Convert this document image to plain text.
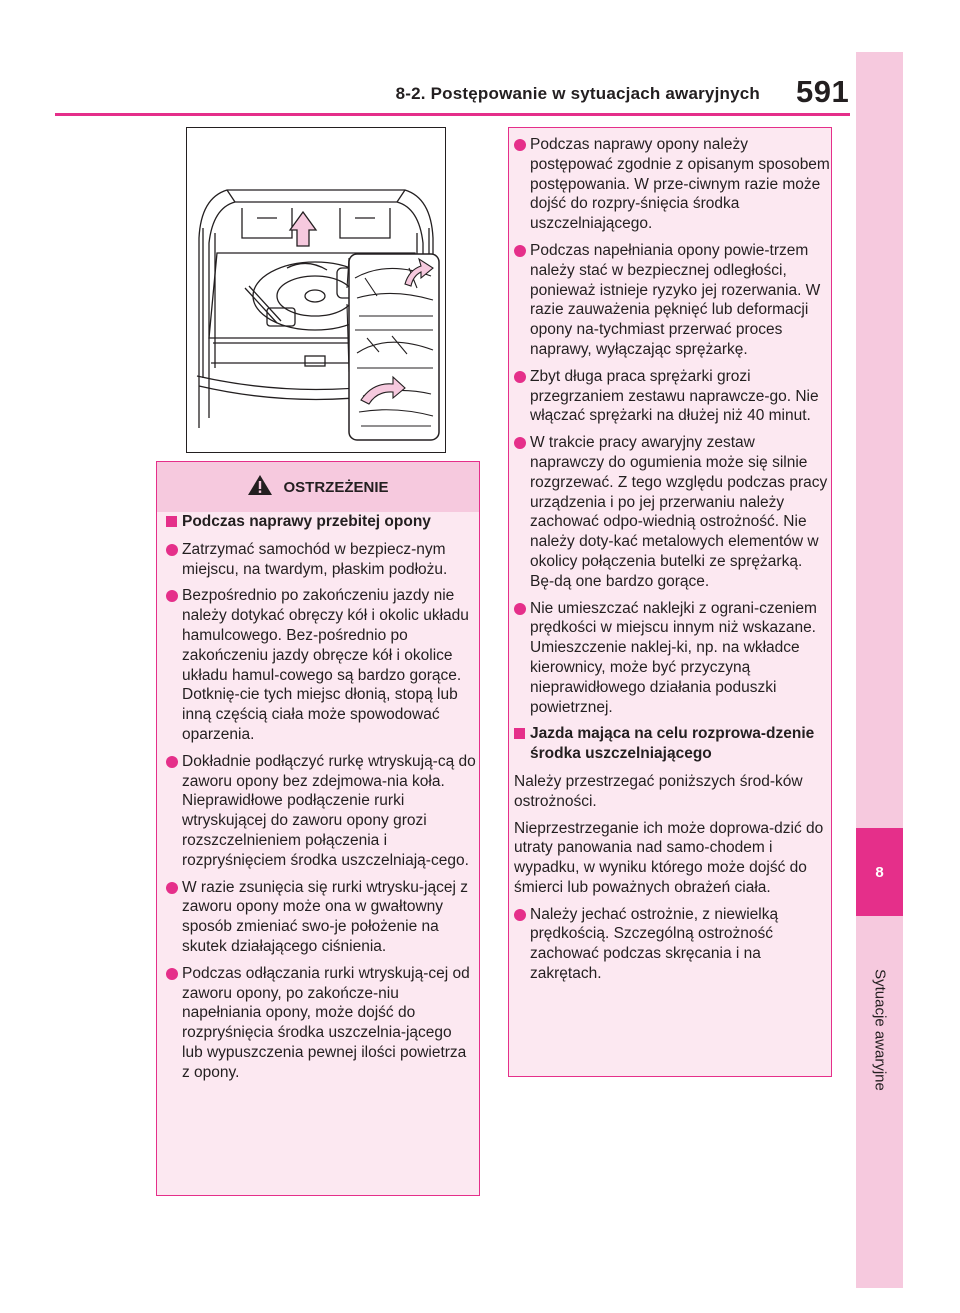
8-2. Postępowanie w sytuacjach awaryjnych 591
8
Sytuacje awaryjne
OSTRZEŻENIE
Podczas naprawy przebitej opony
Zatrzymać samochód w bezpiecz-nym miejscu, na twardym, płaskim podłożu.
Bezpośrednio po zakończeniu jazdy nie należy dotykać obręczy kół i okolic układu hamulcowego. Bez-pośrednio po zakończeniu jazdy obręcze kół i okolice układu hamul-cowego są bardzo gorące. Dotknię-cie tych miejsc dłonią, stopą lub inną częścią ciała może spowodować oparzenia.
Dokładnie podłączyć rurkę wtryskują-cą do zaworu opony bez zdejmowa-nia koła. Nieprawidłowe podłączenie rurki wtryskującej do zaworu opony grozi rozszczelnieniem połączenia i rozpryśnięciem środka uszczelniają-cego.
W razie zsunięcia się rurki wtrysku-jącej z zaworu opony może ona w gwałtowny sposób zmieniać swo-je położenie na skutek działającego ciśnienia.
Podczas odłączania rurki wtryskują-cej od zaworu opony, po zakończe-niu napełniania opony, może dojść do rozpryśnięcia środka uszczelnia-jącego lub wypuszczenia pewnej ilości powietrza z opony.
Podczas naprawy opony należy postępować zgodnie z opisanym sposobem postępowania. W prze-ciwnym razie może dojść do rozpry-śnięcia środka uszczelniającego.
Podczas napełniania opony powie-trzem należy stać w bezpiecznej odległości, ponieważ istnieje ryzyko jej rozerwania. W razie zauważenia pęknięć lub deformacji opony na-tychmiast przerwać proces naprawy, wyłączając sprężarkę.
Zbyt długa praca sprężarki grozi przegrzaniem zestawu naprawcze-go. Nie włączać sprężarki na dłużej niż 40 minut.
W trakcie pracy awaryjny zestaw naprawczy do ogumienia może się silnie rozgrzewać. Z tego względu podczas pracy urządzenia i po jej przerwaniu należy zachować odpo-wiednią ostrożność. Nie należy doty-kać metalowych elementów w okolicy połączenia butelki ze sprężarką. Bę-dą one bardzo gorące.
Nie umieszczać naklejki z ograni-czeniem prędkości w miejscu innym niż wskazane. Umieszczenie naklej-ki, np. na wkładce kierownicy, może być przyczyną nieprawidłowego działania poduszki powietrznej.
Jazda mająca na celu rozprowa-dzenie środka uszczelniającego
Należy przestrzegać poniższych środ-ków ostrożności.
Nieprzestrzeganie ich może doprowa-dzić do utraty panowania nad samo-chodem i wypadku, w wyniku którego może dojść do śmierci lub poważnych obrażeń ciała.
Należy jechać ostrożnie, z niewielką prędkością. Szczególną ostrożność zachować podczas skręcania i na zakrętach.
